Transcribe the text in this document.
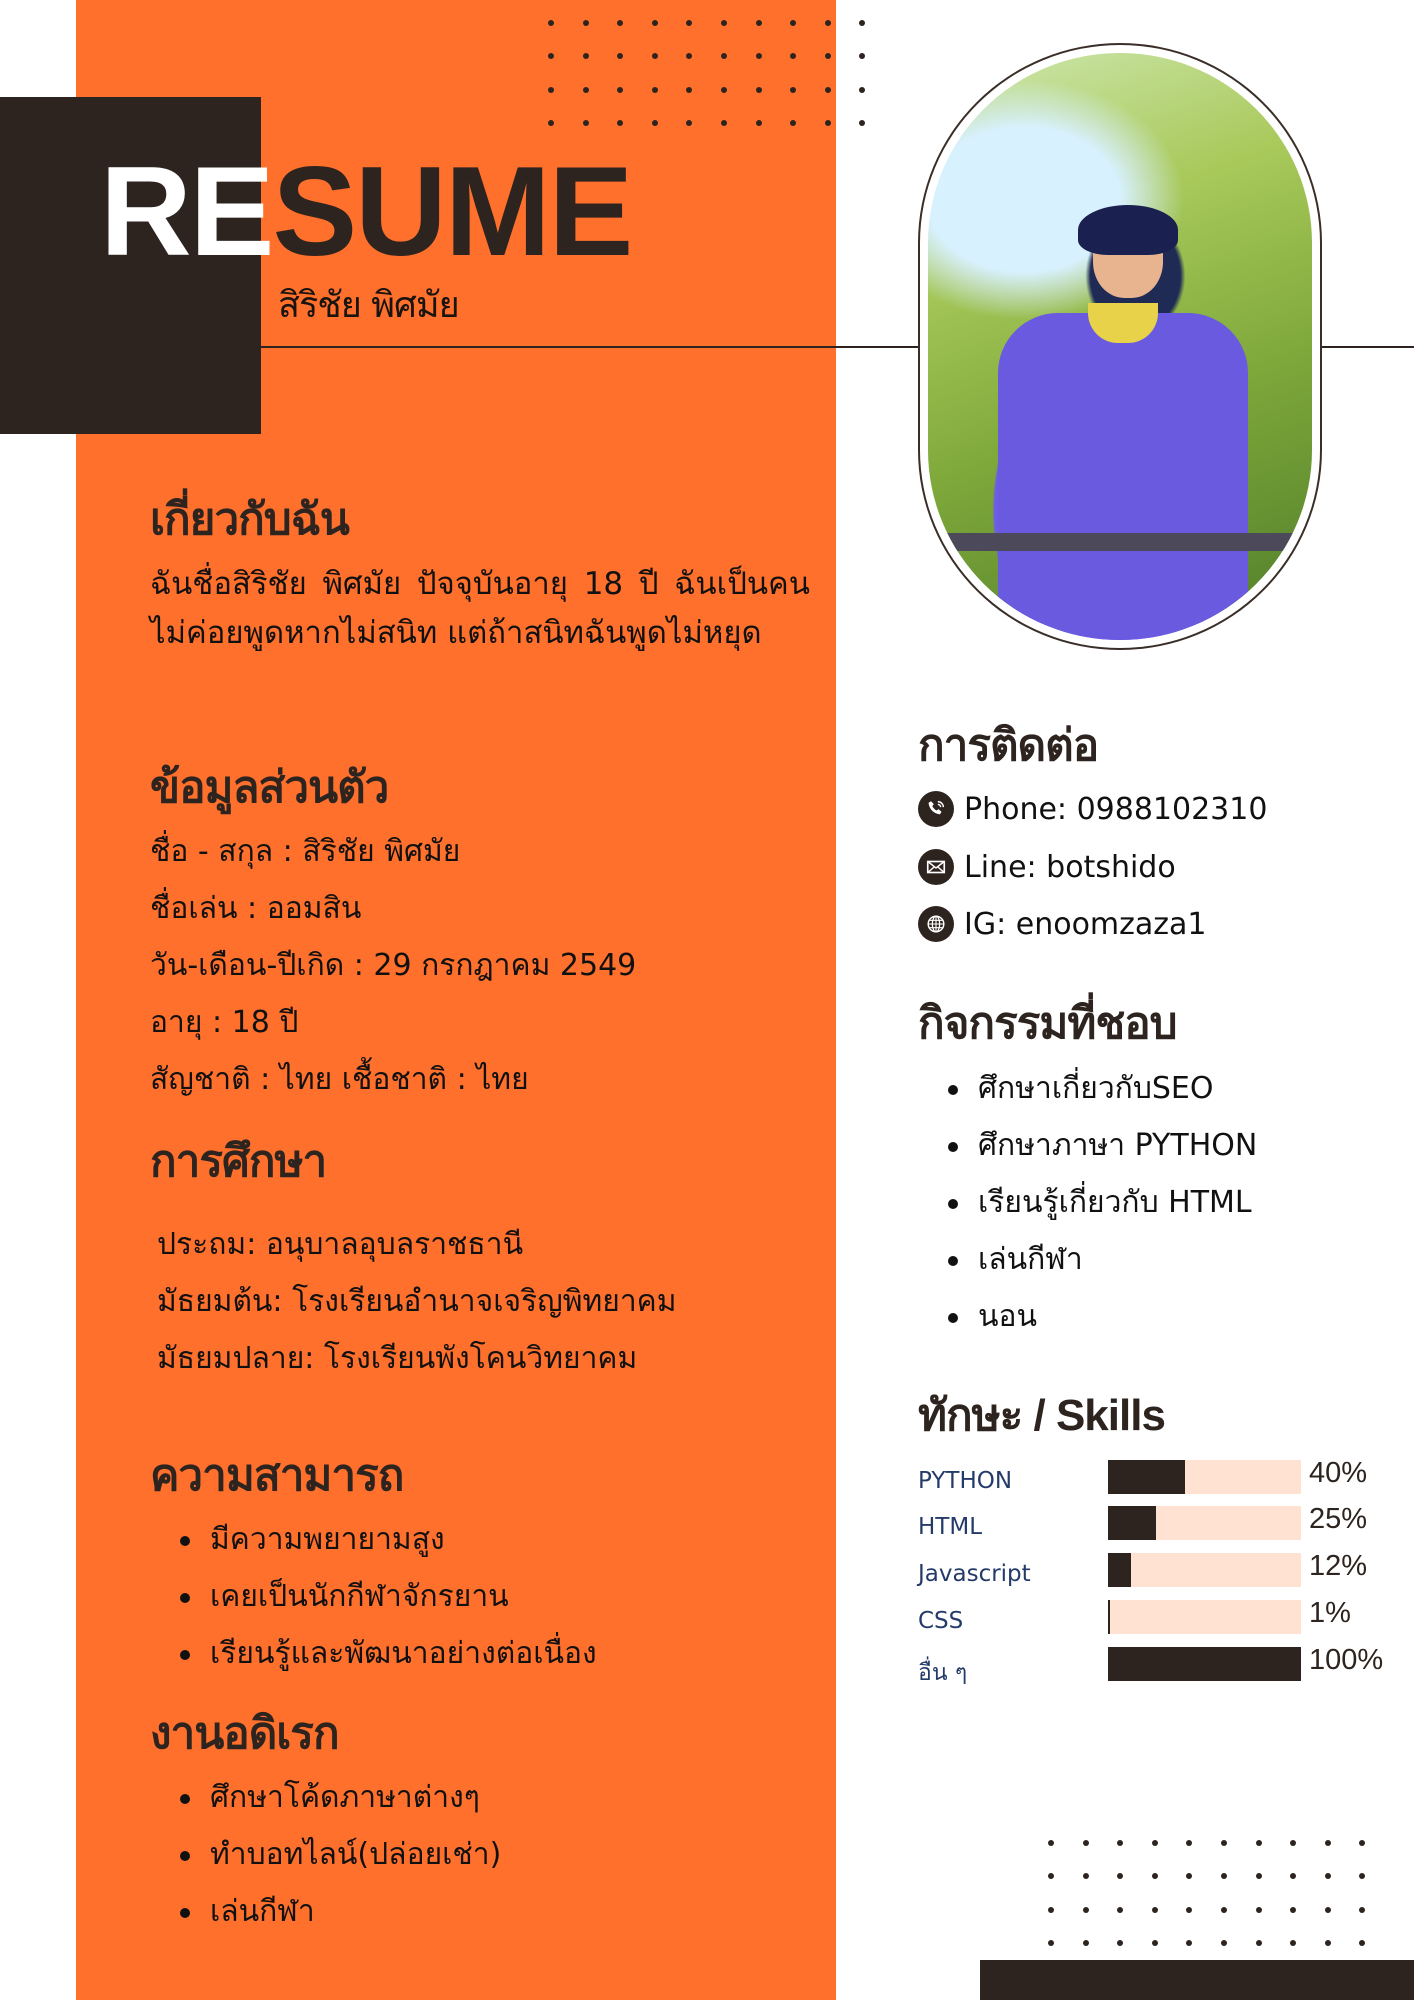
RESUME
สิริชัย พิศมัย
เกี่ยวกับฉัน
ฉันชื่อสิริชัย พิศมัย ปัจจุบันอายุ 18 ปี ฉันเป็นคนไม่ค่อยพูดหากไม่สนิท แต่ถ้าสนิทฉันพูดไม่หยุด
ข้อมูลส่วนตัว
ชื่อ - สกุล : สิริชัย พิศมัย
ชื่อเล่น : ออมสิน
วัน-เดือน-ปีเกิด : 29 กรกฎาคม 2549
อายุ : 18 ปี
สัญชาติ : ไทย เชื้อชาติ : ไทย
การศึกษา
ประถม: อนุบาลอุบลราชธานี
มัธยมต้น: โรงเรียนอำนาจเจริญพิทยาคม
มัธยมปลาย: โรงเรียนพังโคนวิทยาคม
ความสามารถ
มีความพยายามสูง
เคยเป็นนักกีฬาจักรยาน
เรียนรู้และพัฒนาอย่างต่อเนื่อง
งานอดิเรก
ศึกษาโค้ดภาษาต่างๆ
ทำบอทไลน์(ปล่อยเช่า)
เล่นกีฬา
การติดต่อ
Phone: 0988102310
Line: botshido
IG: enoomzaza1
กิจกรรมที่ชอบ
ศึกษาเกี่ยวกับSEO
ศึกษาภาษา PYTHON
เรียนรู้เกี่ยวกับ HTML
เล่นกีฬา
นอน
ทักษะ / Skills
PYTHON	40%
HTML	25%
Javascript	12%
CSS	1%
อื่น ๆ	100%
